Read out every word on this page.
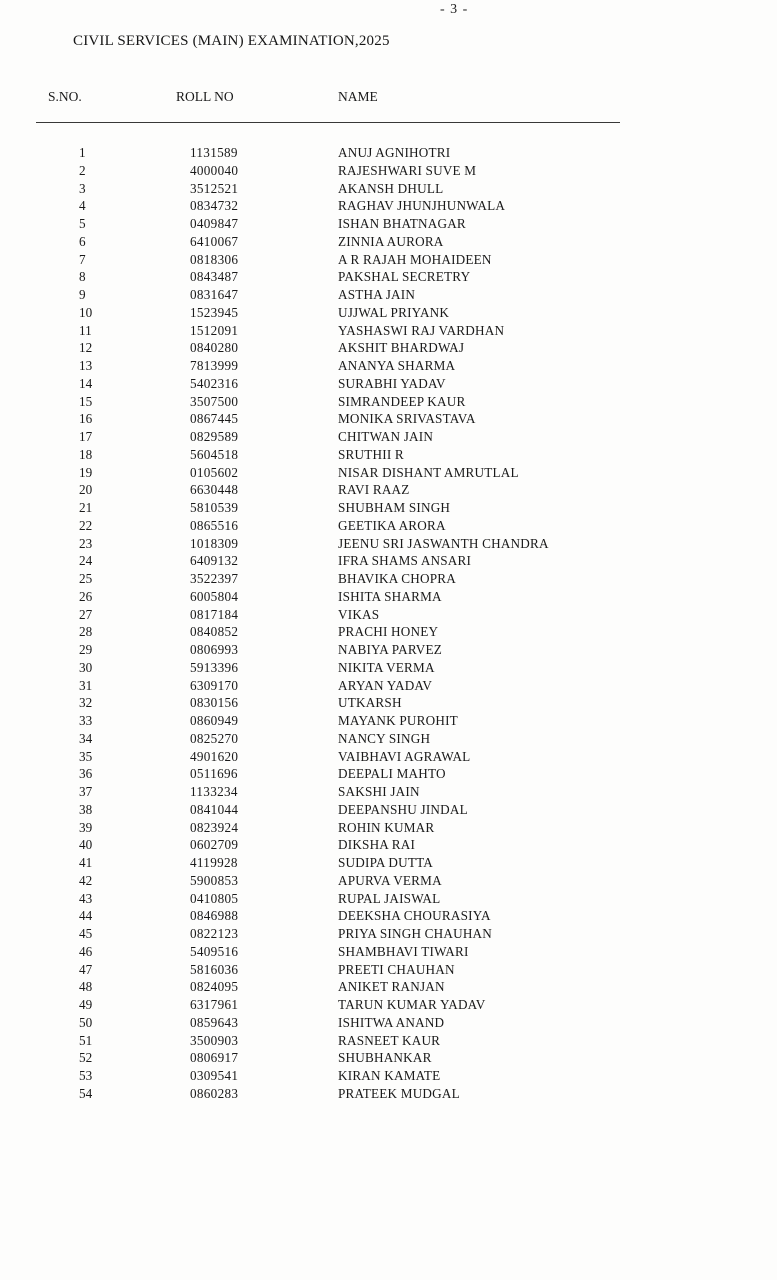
- 3 -
CIVIL SERVICES (MAIN) EXAMINATION,2025
S.NO.	ROLL NO	NAME
1	1131589	ANUJ AGNIHOTRI
2	4000040	RAJESHWARI SUVE M
3	3512521	AKANSH DHULL
4	0834732	RAGHAV JHUNJHUNWALA
5	0409847	ISHAN BHATNAGAR
6	6410067	ZINNIA AURORA
7	0818306	A R RAJAH MOHAIDEEN
8	0843487	PAKSHAL SECRETRY
9	0831647	ASTHA JAIN
10	1523945	UJJWAL PRIYANK
11	1512091	YASHASWI RAJ VARDHAN
12	0840280	AKSHIT BHARDWAJ
13	7813999	ANANYA SHARMA
14	5402316	SURABHI YADAV
15	3507500	SIMRANDEEP KAUR
16	0867445	MONIKA SRIVASTAVA
17	0829589	CHITWAN JAIN
18	5604518	SRUTHII R
19	0105602	NISAR DISHANT AMRUTLAL
20	6630448	RAVI RAAZ
21	5810539	SHUBHAM SINGH
22	0865516	GEETIKA ARORA
23	1018309	JEENU SRI JASWANTH CHANDRA
24	6409132	IFRA SHAMS ANSARI
25	3522397	BHAVIKA CHOPRA
26	6005804	ISHITA SHARMA
27	0817184	VIKAS
28	0840852	PRACHI HONEY
29	0806993	NABIYA PARVEZ
30	5913396	NIKITA VERMA
31	6309170	ARYAN YADAV
32	0830156	UTKARSH
33	0860949	MAYANK PUROHIT
34	0825270	NANCY SINGH
35	4901620	VAIBHAVI AGRAWAL
36	0511696	DEEPALI MAHTO
37	1133234	SAKSHI JAIN
38	0841044	DEEPANSHU JINDAL
39	0823924	ROHIN KUMAR
40	0602709	DIKSHA RAI
41	4119928	SUDIPA DUTTA
42	5900853	APURVA VERMA
43	0410805	RUPAL JAISWAL
44	0846988	DEEKSHA CHOURASIYA
45	0822123	PRIYA SINGH CHAUHAN
46	5409516	SHAMBHAVI TIWARI
47	5816036	PREETI CHAUHAN
48	0824095	ANIKET RANJAN
49	6317961	TARUN KUMAR YADAV
50	0859643	ISHITWA ANAND
51	3500903	RASNEET KAUR
52	0806917	SHUBHANKAR
53	0309541	KIRAN KAMATE
54	0860283	PRATEEK MUDGAL
